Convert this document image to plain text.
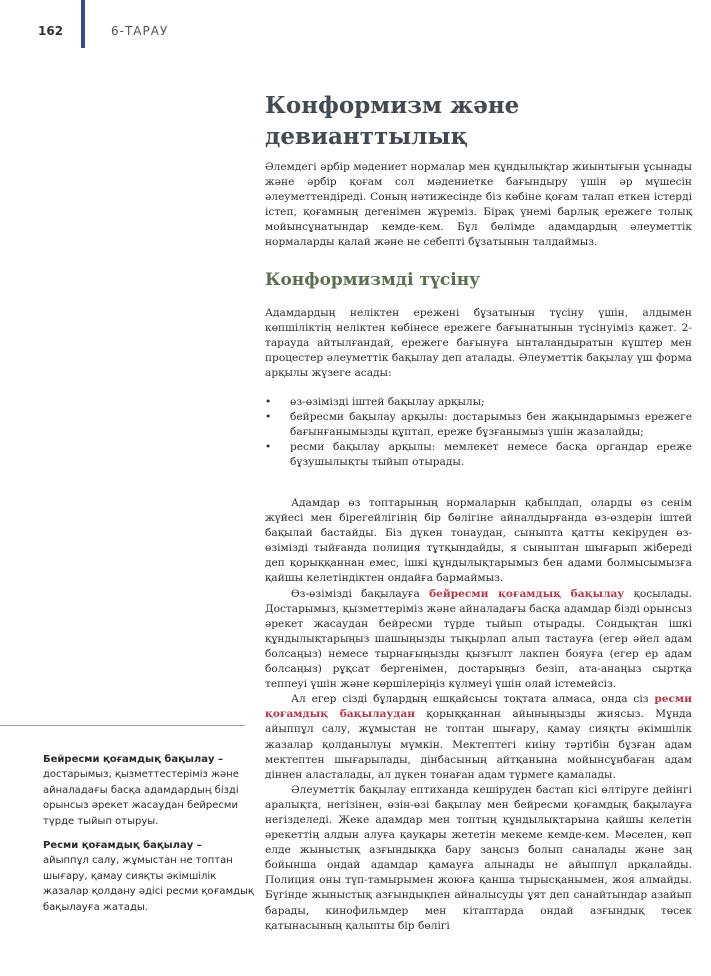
162	6-ТАРАУ
Конформизм және девианттылық

Әлемдегі әрбір мәдениет нормалар мен құндылықтар жиынтығын ұсынады және әрбір қоғам сол мәдениетке бағындыру үшін әр мүшесін әлеуметтендіреді. Соның нәтижесінде біз көбіне қоғам талап еткен істерді істеп, қоғамның дегенімен жүреміз. Бірақ үнемі барлық ережеге толық мойынсұнатындар кемде-кем. Бұл бөлімде адамдардың әлеуметтік нормаларды қалай және не себепті бұзатынын талдаймыз.

Конформизмді түсіну

Адамдардың неліктен ережені бұзатынын түсіну үшін, алдымен көпшіліктің неліктен көбінесе ережеге бағынатынын түсінуіміз қажет. 2-тарауда айтылғандай, ережеге бағынуға ынталандыратын күштер мен процестер әлеуметтік бақылау деп аталады. Әлеуметтік бақылау үш форма арқылы жүзеге асады:

• өз-өзімізді іштей бақылау арқылы;
• бейресми бақылау арқылы: достарымыз бен жақындарымыз ережеге бағынғанымызды құптап, ереже бұзғанымыз үшін жазалайды;
• ресми бақылау арқылы: мемлекет немесе басқа органдар ереже бұзушылықты тыйып отырады.

Адамдар өз топтарының нормаларын қабылдап, оларды өз сенім жүйесі мен бірегейлігінің бір бөлігіне айналдырғанда өз-өздерін іштей бақылай бастайды. Біз дүкен тонаудан, сыныпта қатты кекіруден өз-өзімізді тыйғанда полиция тұтқындайды, я сыныптан шығарып жібереді деп қорыққаннан емес, ішкі құндылықтарымыз бен адами болмысымызға қайшы келетіндіктен ондайға бармаймыз.

Өз-өзімізді бақылауға бейресми қоғамдық бақылау қосылады. Достарымыз, қызметтеріміз және айналадағы басқа адамдар бізді орынсыз әрекет жасаудан бейресми түрде тыйып отырады. Сондықтан ішкі құндылықтарыңыз шашыңызды тықырлап алып тастауға (егер әйел адам болсаңыз) немесе тырнағыңызды қызғылт лакпен бояуға (егер ер адам болсаңыз) рұқсат бергенімен, достарыңыз безіп, ата-анаңыз сыртқа теппеуі үшін және көршілеріңіз күлмеуі үшін олай істемейсіз.

Ал егер сізді бұлардың ешқайсысы тоқтата алмаса, онда сіз ресми қоғамдық бақылаудан қорыққаннан айыныңызды жиясыз. Мұнда айыппұл салу, жұмыстан не топтан шығару, қамау сияқты әкімшілік жазалар қолданылуы мүмкін. Мектептегі киіну тәртібін бұзған адам мектептен шығарылады, дінбасының айтқанына мойынсұнбаған адам діннен аласталады, ал дүкен тонаған адам түрмеге қамалады.

Әлеуметтік бақылау ептиханда кешіруден бастап кісі өлтіруге дейінгі аралықта, негізінен, өзін-өзі бақылау мен бейресми қоғамдық бақылауға негізделеді. Жеке адамдар мен топтың құндылықтарына қайшы келетін әрекеттің алдын алуға қауқары жететін мекеме кемде-кем. Мәселен, көп елде жыныстық азғындыққа бару заңсыз болып саналады және заң бойынша ондай адамдар қамауға алынады не айыппұл арқалайды. Полиция оны түп-тамырымен жоюға қанша тырысқанымен, жоя алмайды. Бүгінде жыныстық азғындықпен айналысуды ұят деп санайтындар азайып барады, кинофильмдер мен кітаптарда ондай азғындық төсек қатынасының қалыпты бір бөлігі

Бейресми қоғамдық бақылау –
достарымыз, қызметтестеріміз және айналадағы басқа адамдардың бізді орынсыз әрекет жасаудан бейресми түрде тыйып отыруы.

Ресми қоғамдық бақылау –
айыппұл салу, жұмыстан не топтан шығару, қамау сияқты әкімшілік жазалар қолдану әдісі ресми қоғамдық бақылауға жатады.
